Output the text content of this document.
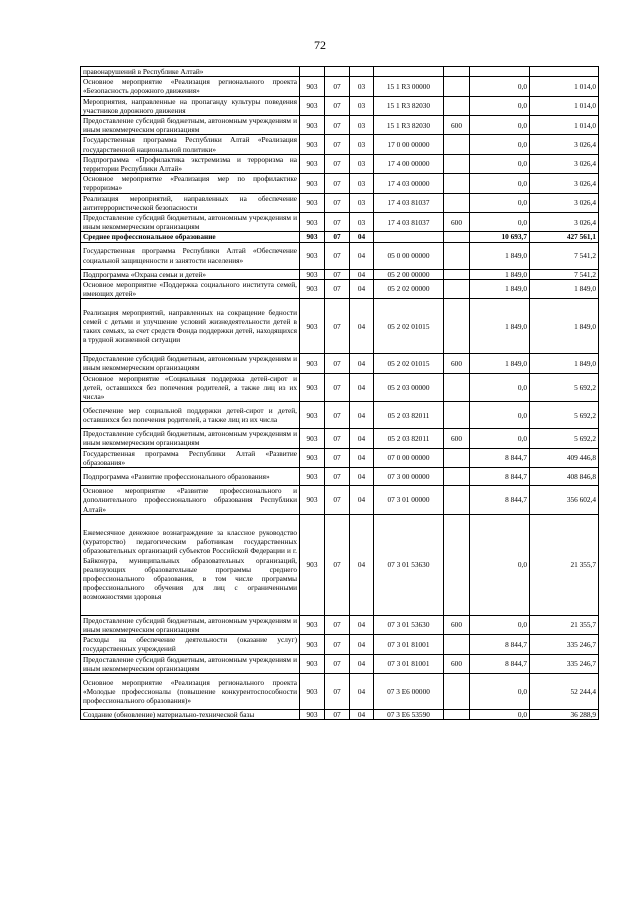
72
правонарушений в Республике Алтай»							
Основное мероприятие «Реализация регионального проекта «Безопасность дорожного движения»	903	07	03	15 1 R3 00000		0,0	1 014,0
Мероприятия, направленные на пропаганду культуры поведения участников дорожного движения	903	07	03	15 1 R3 82030		0,0	1 014,0
Предоставление субсидий бюджетным, автономным учреждениям и иным некоммерческим организациям	903	07	03	15 1 R3 82030	600	0,0	1 014,0
Государственная программа Республики Алтай «Реализация государственной национальной политики»	903	07	03	17 0 00 00000		0,0	3 026,4
Подпрограмма «Профилактика экстремизма и терроризма на территории Республики Алтай»	903	07	03	17 4 00 00000		0,0	3 026,4
Основное мероприятие «Реализация мер по профилактике терроризма»	903	07	03	17 4 03 00000		0,0	3 026,4
Реализация мероприятий, направленных на обеспечение антитеррористической безопасности	903	07	03	17 4 03 81037		0,0	3 026,4
Предоставление субсидий бюджетным, автономным учреждениям и иным некоммерческим организациям	903	07	03	17 4 03 81037	600	0,0	3 026,4
Среднее профессиональное образование	903	07	04			10 693,7	427 561,1
Государственная программа Республики Алтай «Обеспечение социальной защищенности и занятости населения»	903	07	04	05 0 00 00000		1 849,0	7 541,2
Подпрограмма «Охрана семьи и детей»	903	07	04	05 2 00 00000		1 849,0	7 541,2
Основное мероприятие «Поддержка социального института семей, имеющих детей»	903	07	04	05 2 02 00000		1 849,0	1 849,0
Реализация мероприятий, направленных на сокращение бедности семей с детьми и улучшение условий жизнедеятельности детей в таких семьях, за счет средств Фонда поддержки детей, находящихся в трудной жизненной ситуации	903	07	04	05 2 02 01015		1 849,0	1 849,0
Предоставление субсидий бюджетным, автономным учреждениям и иным некоммерческим организациям	903	07	04	05 2 02 01015	600	1 849,0	1 849,0
Основное мероприятие «Социальная поддержка детей-сирот и детей, оставшихся без попечения родителей, а также лиц из их числа»	903	07	04	05 2 03 00000		0,0	5 692,2
Обеспечение мер социальной поддержки детей-сирот и детей, оставшихся без попечения родителей, а также лиц из их числа	903	07	04	05 2 03 82011		0,0	5 692,2
Предоставление субсидий бюджетным, автономным учреждениям и иным некоммерческим организациям	903	07	04	05 2 03 82011	600	0,0	5 692,2
Государственная программа Республики Алтай «Развитие образования»	903	07	04	07 0 00 00000		8 844,7	409 446,8
Подпрограмма «Развитие профессионального образования»	903	07	04	07 3 00 00000		8 844,7	408 846,8
Основное мероприятие «Развитие профессионального и дополнительного профессионального образования Республики Алтай»	903	07	04	07 3 01 00000		8 844,7	356 602,4
Ежемесячное денежное вознаграждение за классное руководство (кураторство) педагогическим работникам государственных образовательных организаций субъектов Российской Федерации и г. Байконура, муниципальных образовательных организаций, реализующих образовательные программы среднего профессионального образования, в том числе программы профессионального обучения для лиц с ограниченными возможностями здоровья	903	07	04	07 3 01 53630		0,0	21 355,7
Предоставление субсидий бюджетным, автономным учреждениям и иным некоммерческим организациям	903	07	04	07 3 01 53630	600	0,0	21 355,7
Расходы на обеспечение деятельности (оказание услуг) государственных учреждений	903	07	04	07 3 01 81001		8 844,7	335 246,7
Предоставление субсидий бюджетным, автономным учреждениям и иным некоммерческим организациям	903	07	04	07 3 01 81001	600	8 844,7	335 246,7
Основное мероприятие «Реализация регионального проекта «Молодые профессионалы (повышение конкурентоспособности профессионального образования)»	903	07	04	07 3 E6 00000		0,0	52 244,4
Создание (обновление) материально-технической базы	903	07	04	07 3 E6 53590		0,0	36 288,9
